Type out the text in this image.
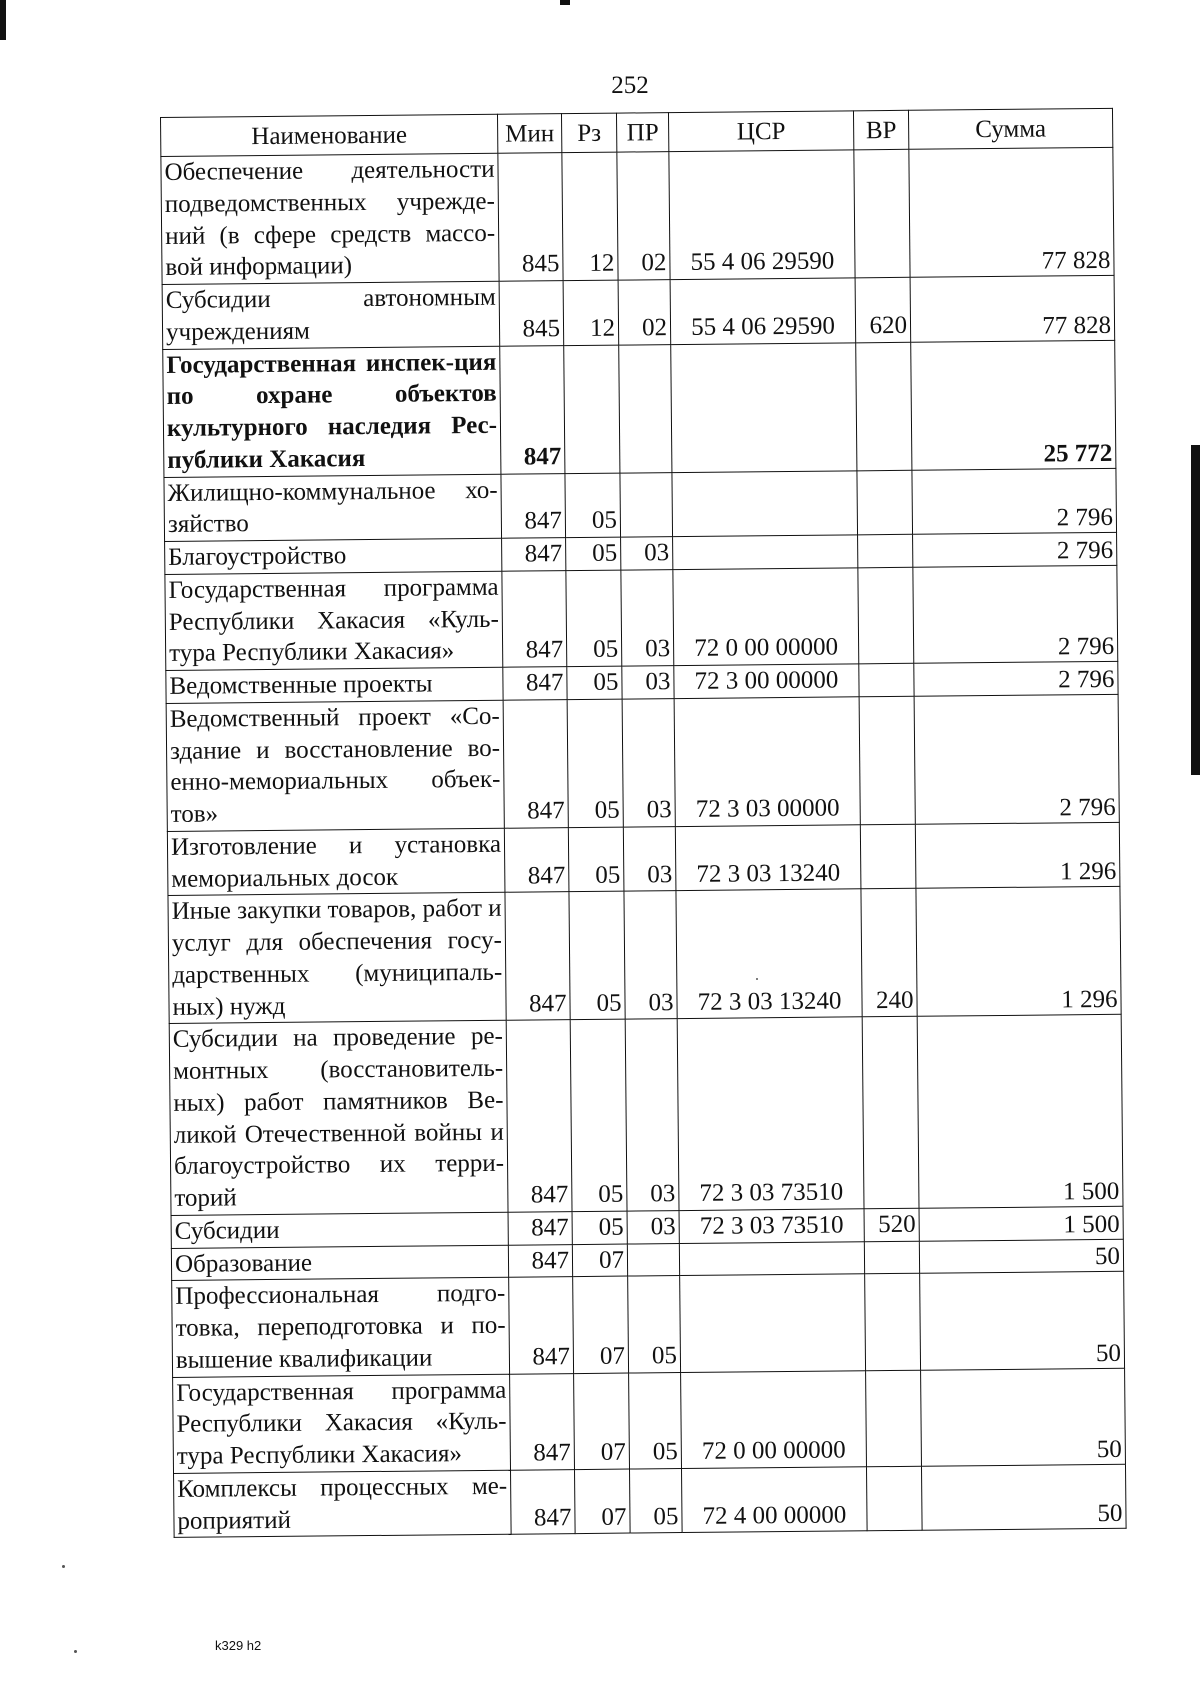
252
Наименование	Мин	Рз	ПР	ЦСР	ВР	Сумма
Обеспечение деятельности подведомственных учрежде-ний (в сфере средств массо-вой информации)	845	12	02	55 4 06 29590		77 828
Субсидии автономным учреждениям	845	12	02	55 4 06 29590	620	77 828
Государственная инспек-ция по охране объектов культурного наследия Рес-публики Хакасия	847					25 772
Жилищно-коммунальное хо-зяйство	847	05				2 796
Благоустройство	847	05	03			2 796
Государственная программа Республики Хакасия «Куль-тура Республики Хакасия»	847	05	03	72 0 00 00000		2 796
Ведомственные проекты	847	05	03	72 3 00 00000		2 796
Ведомственный проект «Со-здание и восстановление во-енно-мемориальных объек-тов»	847	05	03	72 3 03 00000		2 796
Изготовление и установка мемориальных досок	847	05	03	72 3 03 13240		1 296
Иные закупки товаров, работ и услуг для обеспечения госу-дарственных (муниципаль-ных) нужд	847	05	03	72 3 03 13240	240	1 296
Субсидии на проведение ре-монтных (восстановитель-ных) работ памятников Ве-ликой Отечественной войны и благоустройство их терри-торий	847	05	03	72 3 03 73510		1 500
Субсидии	847	05	03	72 3 03 73510	520	1 500
Образование	847	07				50
Профессиональная подго-товка, переподготовка и по-вышение квалификации	847	07	05			50
Государственная программа Республики Хакасия «Куль-тура Республики Хакасия»	847	07	05	72 0 00 00000		50
Комплексы процессных ме-роприятий	847	07	05	72 4 00 00000		50
k329 h2
